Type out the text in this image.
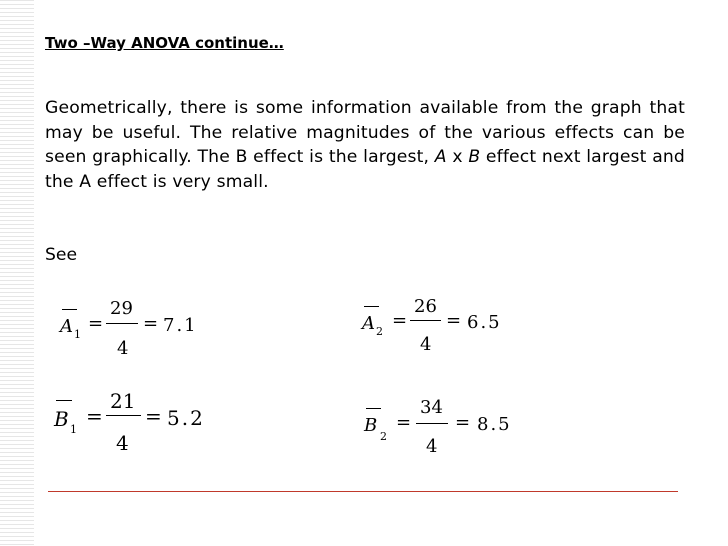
Two –Way ANOVA continue…
Geometrically, there is some information available from the graph that may be useful. The relative magnitudes of the various effects can be seen graphically. The B effect is the largest, A x B effect next largest and the A effect is very small.
See
A 1
=
29
4
= 7.1	A 2
=
26
4
= 6.5
B 1
=
21
4
= 5.2	B
2
=
34
4
= 8.5
